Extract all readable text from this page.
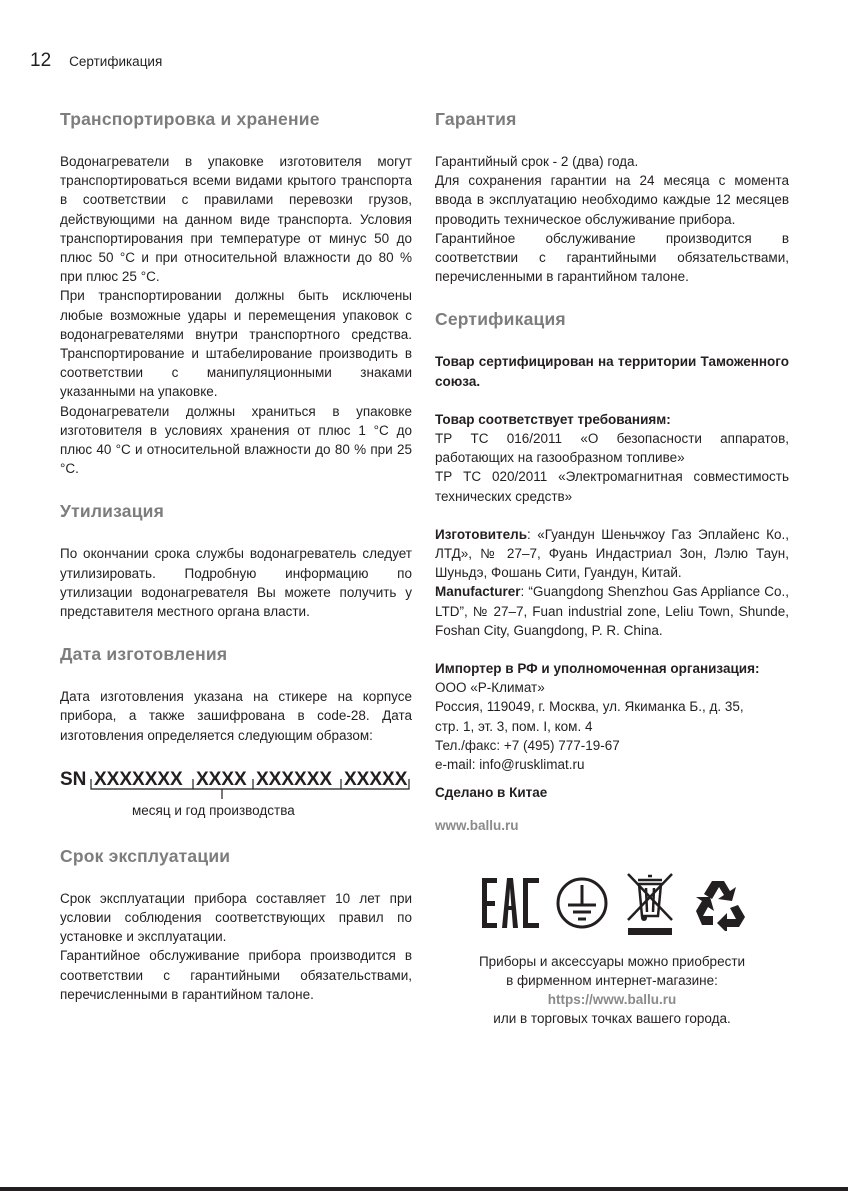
12 Сертификация
Транспортировка и хранение

Водонагреватели в упаковке изготовителя могут транспортироваться всеми видами крытого транспорта в соответствии с правилами перевозки грузов, действующими на данном виде транспорта. Условия транспортирования при температуре от минус 50 до плюс 50 °С и при относительной влажности до 80 % при плюс 25 °С.

При транспортировании должны быть исключены любые возможные удары и перемещения упаковок с водонагревателями внутри транспортного средства. Транспортирование и штабелирование производить в соответствии с манипуляционными знаками указанными на упаковке.

Водонагреватели должны храниться в упаковке изготовителя в условиях хранения от плюс 1 °С до плюс 40 °С и относительной влажности до 80 % при 25 °С.

Утилизация

По окончании срока службы водонагреватель следует утилизировать. Подробную информацию по утилизации водонагревателя Вы можете получить у представителя местного органа власти.

Дата изготовления

Дата изготовления указана на стикере на корпусе прибора, а также зашифрована в code-28. Дата изготовления определяется следующим образом:

SN XXXXXXX XXXX XXXXXX XXXXX
месяц и год производства
Срок эксплуатации

Срок эксплуатации прибора составляет 10 лет при условии соблюдения соответствующих правил по установке и эксплуатации.

Гарантийное обслуживание прибора производится в соответствии с гарантийными обязательствами, перечисленными в гарантийном талоне.

Гарантия

Гарантийный срок - 2 (два) года.

Для сохранения гарантии на 24 месяца с момента ввода в эксплуатацию необходимо каждые 12 месяцев проводить техническое обслуживание прибора.

Гарантийное обслуживание производится в соответствии с гарантийными обязательствами, перечисленными в гарантийном талоне.

Сертификация

Товар сертифицирован на территории Таможенного союза.

Товар соответствует требованиям:

ТР ТС 016/2011 «О безопасности аппаратов, работающих на газообразном топливе»

ТР ТС 020/2011 «Электромагнитная совместимость технических средств»

Изготовитель: «Гуандун Шеньчжоу Газ Эплайенс Ко., ЛТД», № 27–7, Фуань Индастриал Зон, Лэлю Таун, Шуньдэ, Фошань Сити, Гуандун, Китай.

Manufacturer: “Guangdong Shenzhou Gas Appliance Co., LTD”, № 27–7, Fuan industrial zone, Leliu Town, Shunde, Foshan City, Guangdong, P. R. China.

Импортер в РФ и уполномоченная организация:

ООО «Р-Климат»

Россия, 119049, г. Москва, ул. Якиманка Б., д. 35,

стр. 1, эт. 3, пом. I, ком. 4

Тел./факс: +7 (495) 777-19-67

e-mail: info@rusklimat.ru

Сделано в Китае

www.ballu.ru

Приборы и аксессуары можно приобрести
в фирменном интернет-магазине:
https://www.ballu.ru
или в торговых точках вашего города.
